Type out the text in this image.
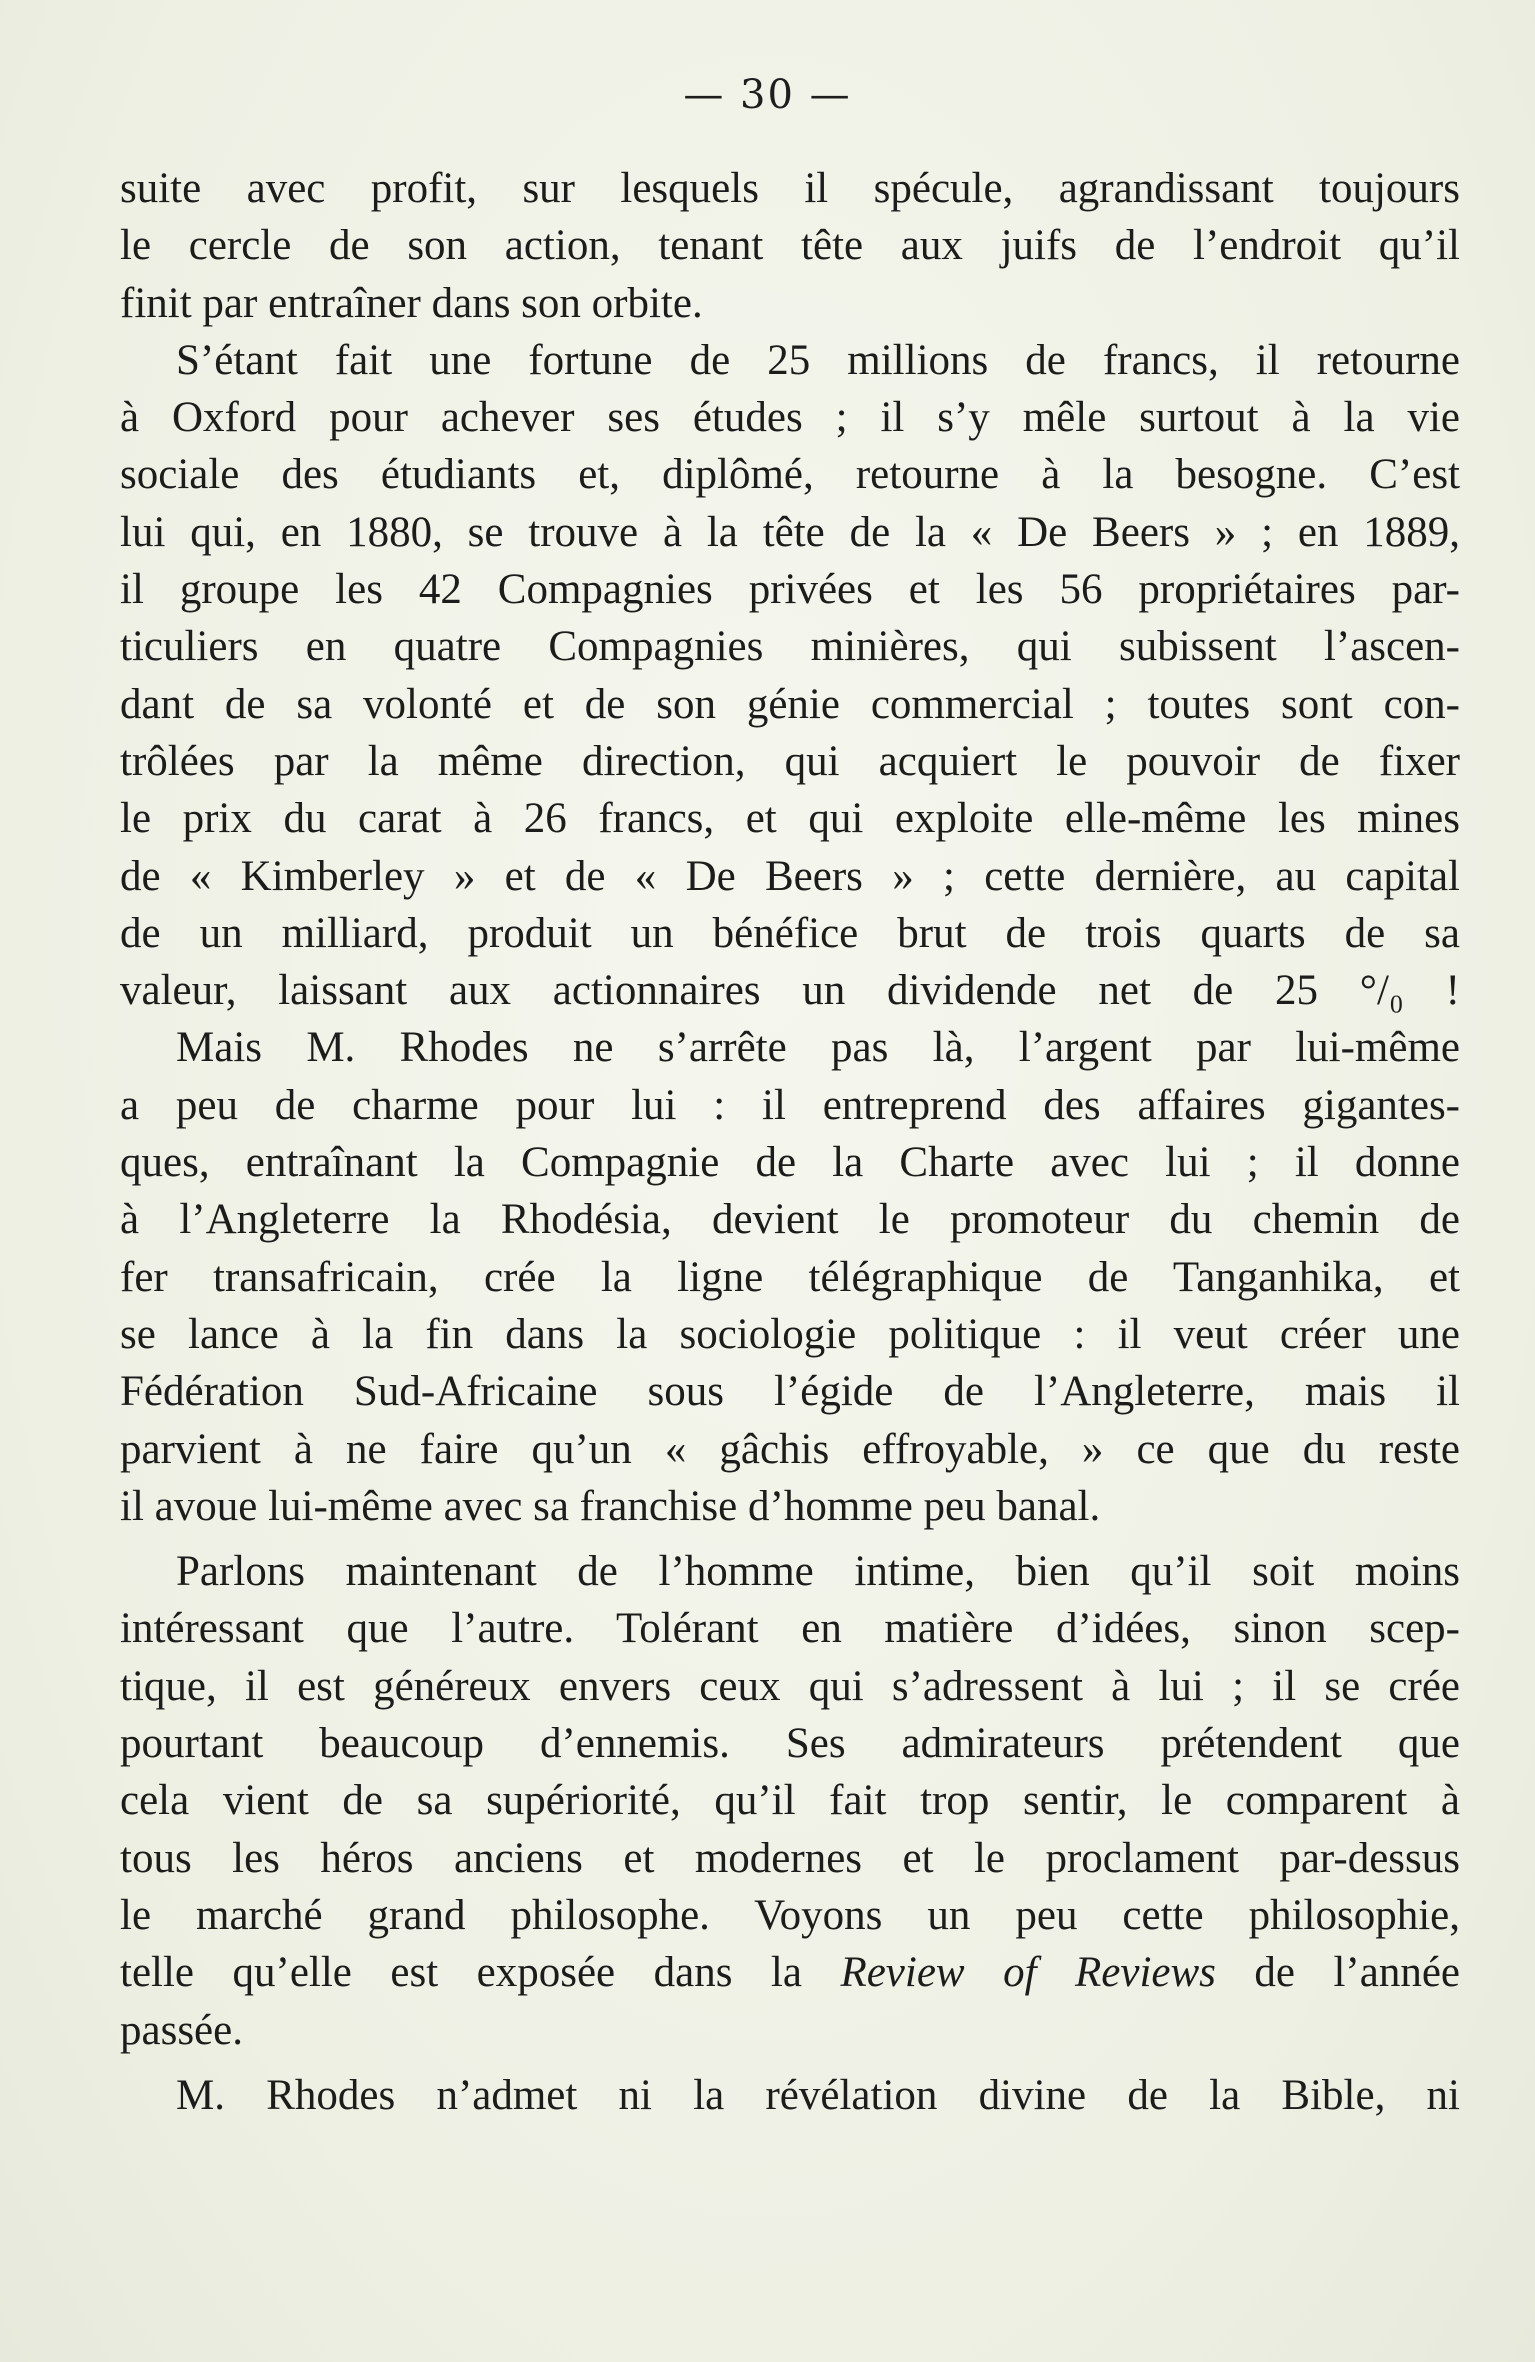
— 30 —
suite avec profit, sur lesquels il spécule, agrandissant toujours
le cercle de son action, tenant tête aux juifs de l’endroit qu’il
finit par entraîner dans son orbite.
S’étant fait une fortune de 25 millions de francs, il retourne
à Oxford pour achever ses études ; il s’y mêle surtout à la vie
sociale des étudiants et, diplômé, retourne à la besogne. C’est
lui qui, en 1880, se trouve à la tête de la « De Beers » ; en 1889,
il groupe les 42 Compagnies privées et les 56 propriétaires par-
ticuliers en quatre Compagnies minières, qui subissent l’ascen-
dant de sa volonté et de son génie commercial ; toutes sont con-
trôlées par la même direction, qui acquiert le pouvoir de fixer
le prix du carat à 26 francs, et qui exploite elle-même les mines
de « Kimberley » et de « De Beers » ; cette dernière, au capital
de un milliard, produit un bénéfice brut de trois quarts de sa
valeur, laissant aux actionnaires un dividende net de 25 °/₀ !
Mais M. Rhodes ne s’arrête pas là, l’argent par lui-même
a peu de charme pour lui : il entreprend des affaires gigantes-
ques, entraînant la Compagnie de la Charte avec lui ; il donne
à l’Angleterre la Rhodésia, devient le promoteur du chemin de
fer transafricain, crée la ligne télégraphique de Tanganhika, et
se lance à la fin dans la sociologie politique : il veut créer une
Fédération Sud-Africaine sous l’égide de l’Angleterre, mais il
parvient à ne faire qu’un « gâchis effroyable, » ce que du reste
il avoue lui-même avec sa franchise d’homme peu banal.
Parlons maintenant de l’homme intime, bien qu’il soit moins
intéressant que l’autre. Tolérant en matière d’idées, sinon scep-
tique, il est généreux envers ceux qui s’adressent à lui ; il se crée
pourtant beaucoup d’ennemis. Ses admirateurs prétendent que
cela vient de sa supériorité, qu’il fait trop sentir, le comparent à
tous les héros anciens et modernes et le proclament par-dessus
le marché grand philosophe. Voyons un peu cette philosophie,
telle qu’elle est exposée dans la Review of Reviews de l’année
passée.
M. Rhodes n’admet ni la révélation divine de la Bible, ni
